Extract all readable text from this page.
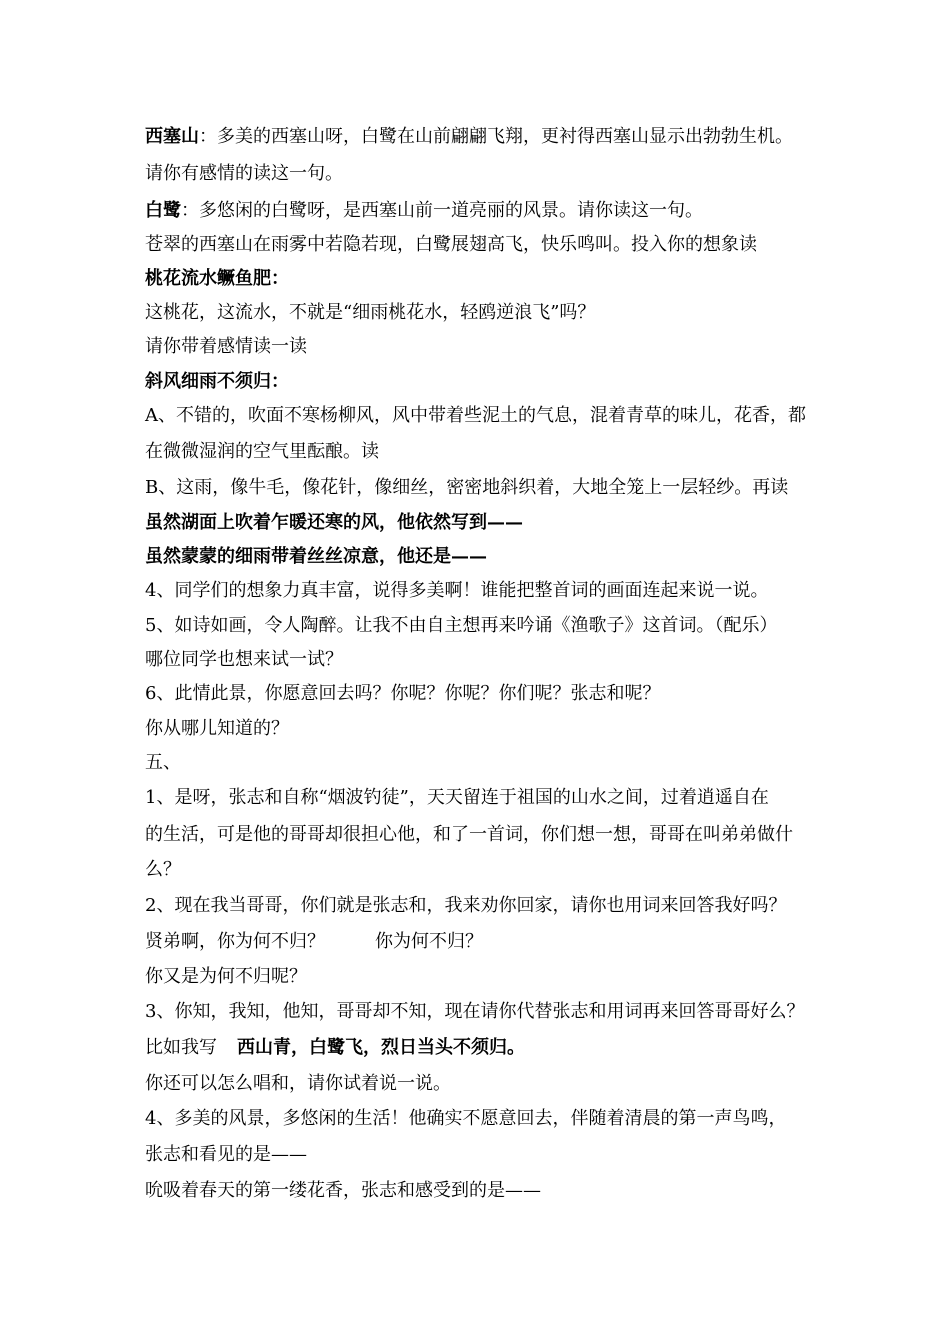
西塞山：多美的西塞山呀，白鹭在山前翩翩飞翔，更衬得西塞山显示出勃勃生机。
请你有感情的读这一句。
白鹭：多悠闲的白鹭呀，是西塞山前一道亮丽的风景。请你读这一句。
苍翠的西塞山在雨雾中若隐若现，白鹭展翅高飞，快乐鸣叫。投入你的想象读
桃花流水鳜鱼肥：
这桃花，这流水，不就是“细雨桃花水，轻鸥逆浪飞”吗？
请你带着感情读一读
斜风细雨不须归：
A、不错的，吹面不寒杨柳风，风中带着些泥土的气息，混着青草的味儿，花香，都
在微微湿润的空气里酝酿。读
B、这雨，像牛毛，像花针，像细丝，密密地斜织着，大地全笼上一层轻纱。再读
虽然湖面上吹着乍暖还寒的风，他依然写到——
虽然蒙蒙的细雨带着丝丝凉意，他还是——
4、同学们的想象力真丰富，说得多美啊！谁能把整首词的画面连起来说一说。
5、如诗如画，令人陶醉。让我不由自主想再来吟诵《渔歌子》这首词。（配乐）
哪位同学也想来试一试？
6、此情此景，你愿意回去吗？你呢？你呢？你们呢？张志和呢？
你从哪儿知道的？
五、
1、是呀，张志和自称“烟波钓徒”，天天留连于祖国的山水之间，过着逍遥自在
的生活，可是他的哥哥却很担心他，和了一首词，你们想一想，哥哥在叫弟弟做什
么？
2、现在我当哥哥，你们就是张志和，我来劝你回家，请你也用词来回答我好吗？
贤弟啊，你为何不归？	你为何不归？
你又是为何不归呢？
3、你知，我知，他知，哥哥却不知，现在请你代替张志和用词再来回答哥哥好么？
比如我写 西山青，白鹭飞，烈日当头不须归。
你还可以怎么唱和，请你试着说一说。
4、多美的风景，多悠闲的生活！他确实不愿意回去，伴随着清晨的第一声鸟鸣，
张志和看见的是——
吮吸着春天的第一缕花香，张志和感受到的是——
